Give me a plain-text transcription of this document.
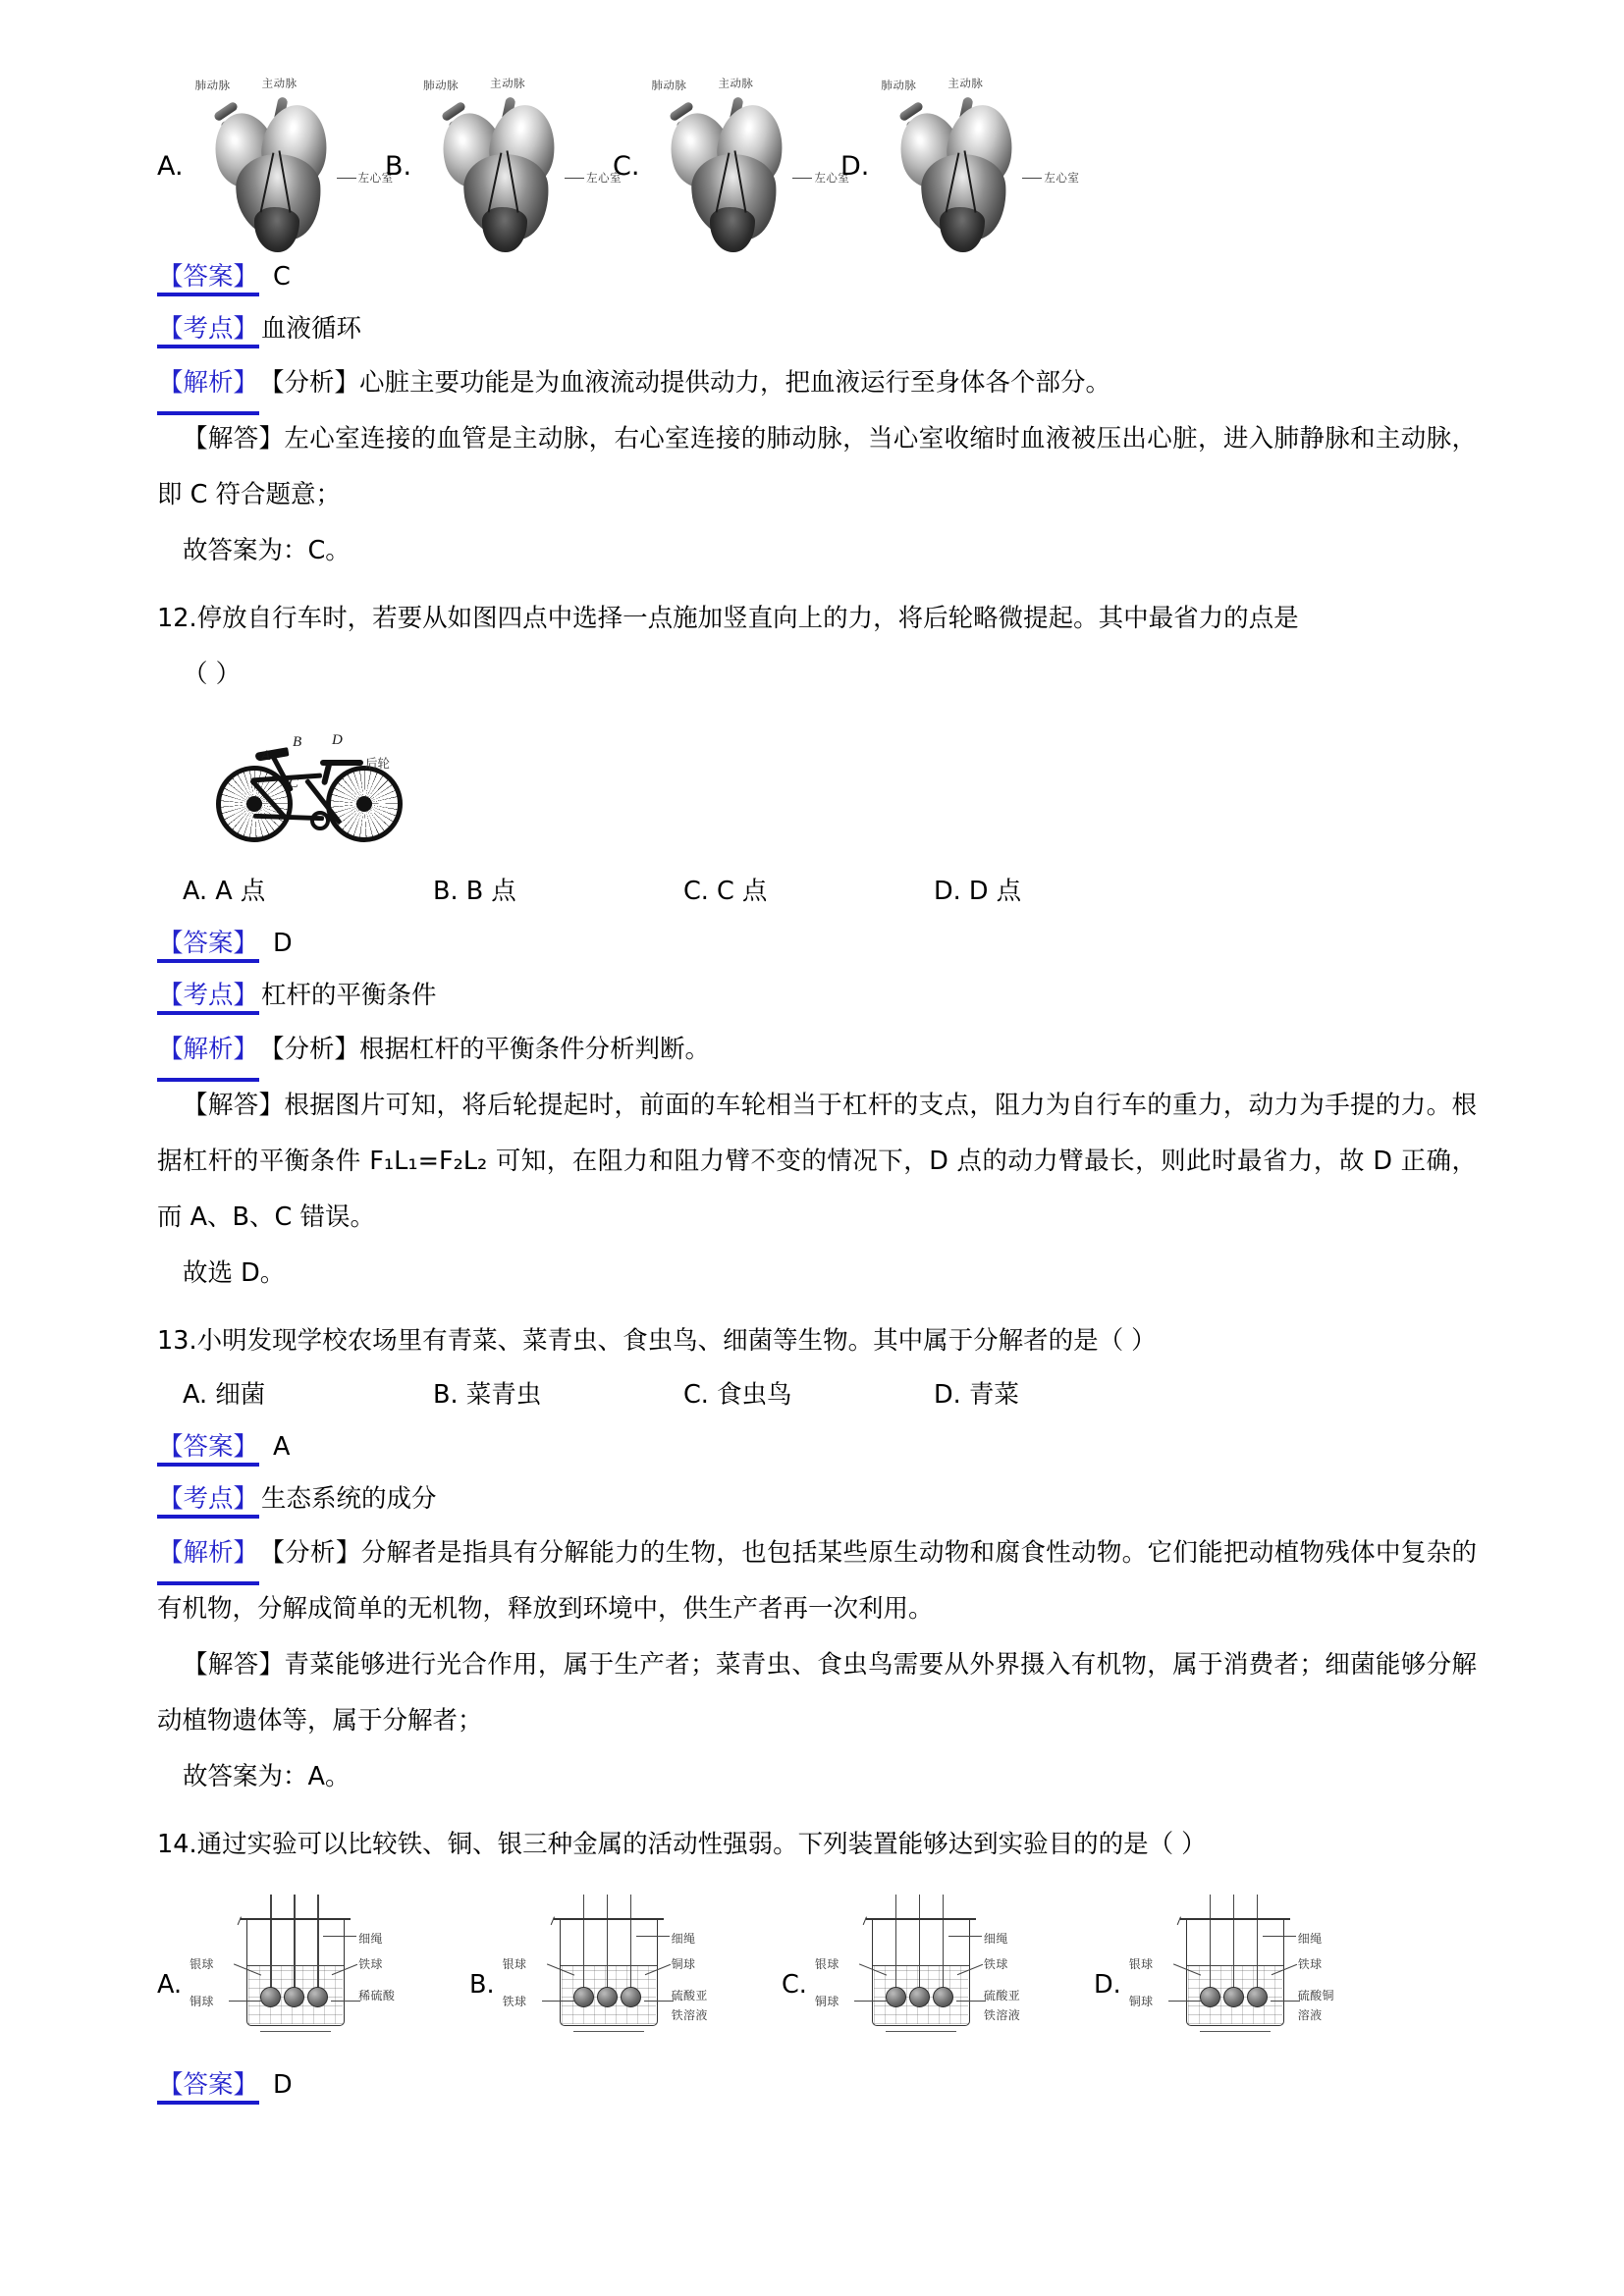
A.
肺动脉	主动脉
左心室
B.
肺动脉	主动脉
左心室
C.
肺动脉	主动脉
左心室
D.
肺动脉	主动脉
左心室
【答案】 C
【考点】 血液循环
【解析】【分析】心脏主要功能是为血液流动提供动力，把血液运行至身体各个部分。
【解答】左心室连接的血管是主动脉，右心室连接的肺动脉，当心室收缩时血液被压出心脏，进入肺静脉和主动脉，即 C 符合题意；
故答案为：C。
12.停放自行车时，若要从如图四点中选择一点施加竖直向上的力，将后轮略微提起。其中最省力的点是
（ ）
A
B
C
D
后轮
A. A 点	B. B 点	C. C 点	D. D 点
【答案】 D
【考点】 杠杆的平衡条件
【解析】【分析】根据杠杆的平衡条件分析判断。
【解答】根据图片可知，将后轮提起时，前面的车轮相当于杠杆的支点，阻力为自行车的重力，动力为手提的力。根据杠杆的平衡条件 F₁L₁=F₂L₂ 可知，在阻力和阻力臂不变的情况下，D 点的动力臂最长，则此时最省力，故 D 正确，而 A、B、C 错误。
故选 D。
13.小明发现学校农场里有青菜、菜青虫、食虫鸟、细菌等生物。其中属于分解者的是（ ）
A. 细菌	B. 菜青虫	C. 食虫鸟	D. 青菜
【答案】 A
【考点】 生态系统的成分
【解析】【分析】分解者是指具有分解能力的生物，也包括某些原生动物和腐食性动物。它们能把动植物残体中复杂的有机物，分解成简单的无机物，释放到环境中，供生产者再一次利用。
【解答】青菜能够进行光合作用，属于生产者；菜青虫、食虫鸟需要从外界摄入有机物，属于消费者；细菌能够分解动植物遗体等，属于分解者；
故答案为：A。
14.通过实验可以比较铁、铜、银三种金属的活动性强弱。下列装置能够达到实验目的的是（ ）
A.
细绳
银球	铁球
铜球	稀硫酸	B.
细绳
银球	铜球
铁球	硫酸亚
铁溶液
C.
细绳
银球	铁球
铜球	硫酸亚
铁溶液
D.
细绳
银球	铁球
铜球	硫酸铜
溶液
【答案】 D
